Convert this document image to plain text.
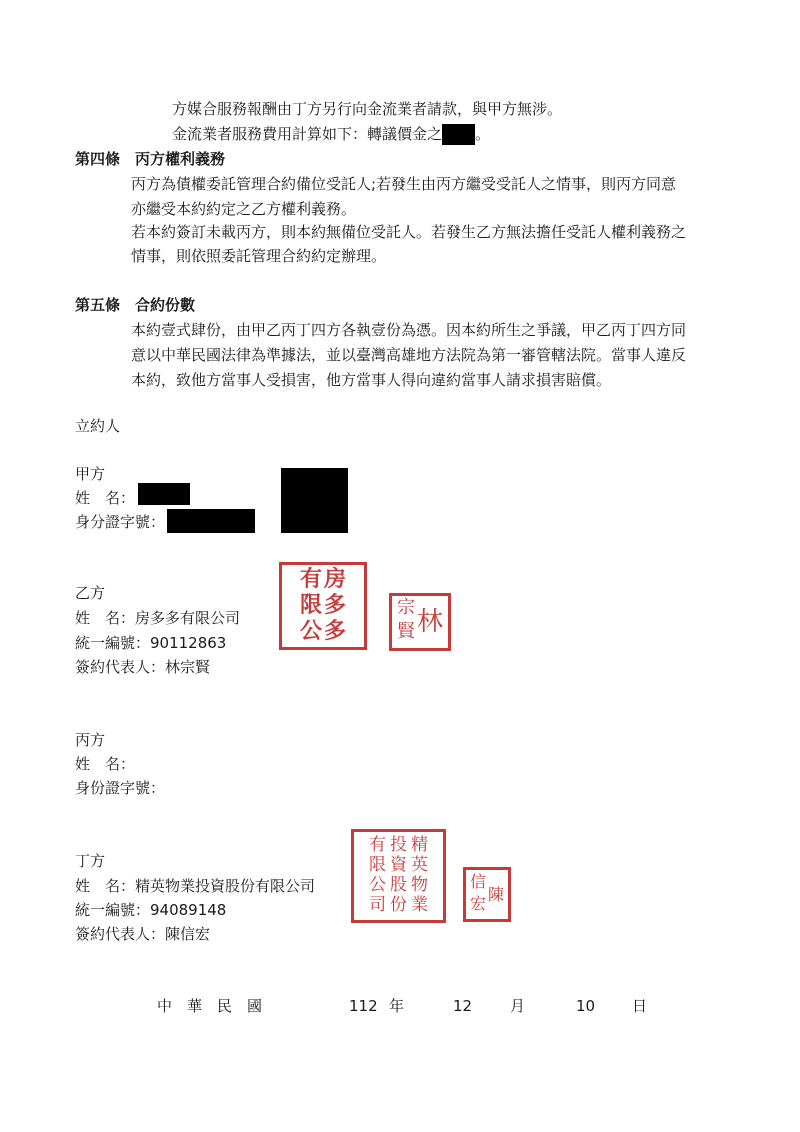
方媒合服務報酬由丁方另行向金流業者請款，與甲方無涉。
金流業者服務費用計算如下：轉議價金之 。
第四條　丙方權利義務
丙方為債權委託管理合約備位受託人;若發生由丙方繼受受託人之情事，則丙方同意
亦繼受本約約定之乙方權利義務。
若本約簽訂未載丙方，則本約無備位受託人。若發生乙方無法擔任受託人權利義務之
情事，則依照委託管理合約約定辦理。
第五條　合約份數
本約壹式肆份，由甲乙丙丁四方各執壹份為憑。因本約所生之爭議，甲乙丙丁四方同
意以中華民國法律為準據法，並以臺灣高雄地方法院為第一審管轄法院。當事人違反
本約，致他方當事人受損害，他方當事人得向違約當事人請求損害賠償。
立約人
甲方
姓　名：
身分證字號：
乙方
姓　名：房多多有限公司
統一編號：90112863
簽約代表人：林宗賢
有
限
公
房
多
多
宗
賢 林
丙方
姓　名：
身份證字號：
丁方
姓　名：精英物業投資股份有限公司
統一編號：94089148
簽約代表人：陳信宏
有
限
公
司
投
資
股
份
精
英
物
業
信
宏 陳
中　華　民　國	112 年	12	月	10 日
